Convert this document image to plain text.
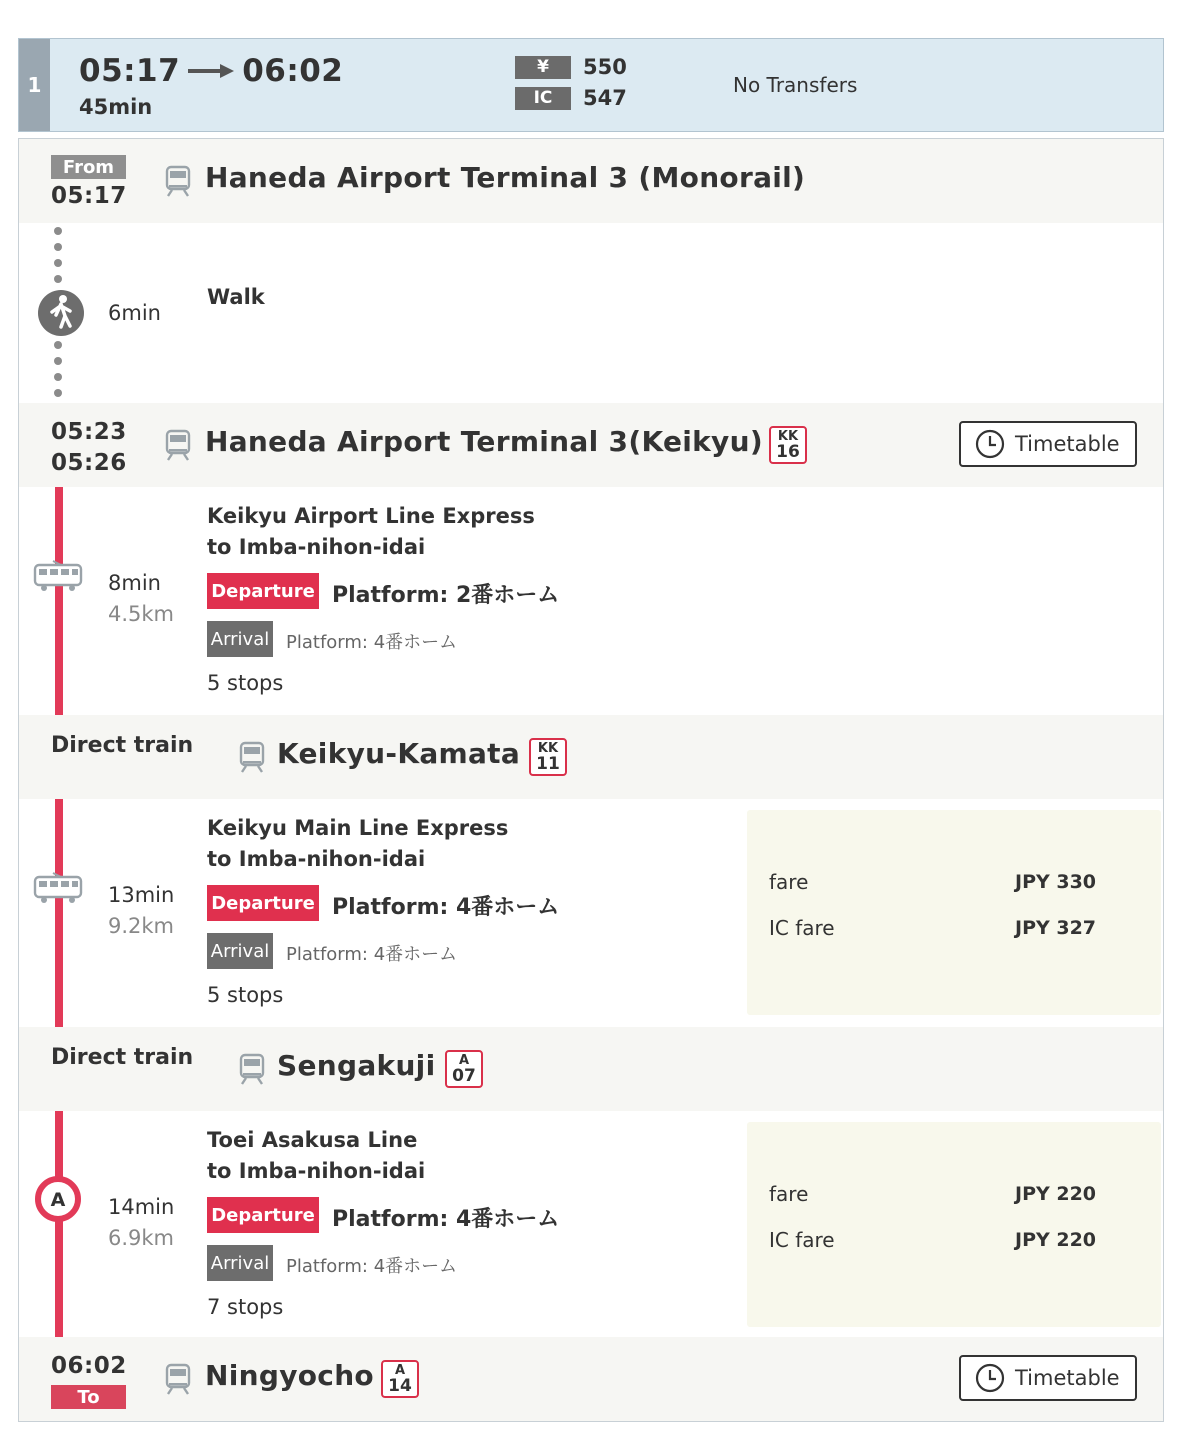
1 05:17 06:02
45min
¥	550
IC	547
No Transfers
From
05:17
Haneda Airport Terminal 3 (Monorail)
6min
Walk
05:23
05:26
Haneda Airport Terminal 3(Keikyu) KK
16	Timetable
8min
4.5km
Keikyu Airport Line Express
to Imba-nihon-idai
Departure Platform: 2番ホーム
Arrival Platform: 4番ホーム
5 stops
Direct train	Keikyu-Kamata KK
11
13min
9.2km
Keikyu Main Line Express
to Imba-nihon-idai
Departure Platform: 4番ホーム
Arrival Platform: 4番ホーム
5 stops
fare	JPY 330
IC fare	JPY 327
Direct train	Sengakuji A
07
A 14min
6.9km
Toei Asakusa Line
to Imba-nihon-idai
Departure Platform: 4番ホーム
Arrival Platform: 4番ホーム
7 stops
fare	JPY 220
IC fare	JPY 220
06:02
To
Ningyocho A
14	Timetable
